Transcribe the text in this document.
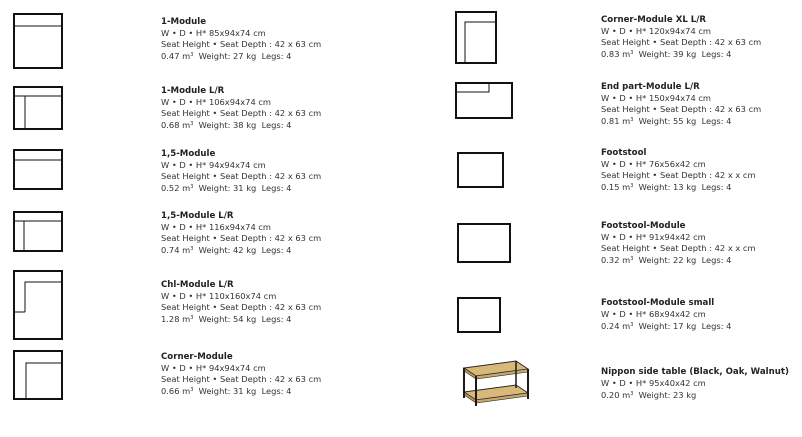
1-Module
W • D • H* 85x94x74 cm
Seat Height • Seat Depth : 42 x 63 cm
0.47 $m^3$ Weight: 27 kg Legs: 4
1-Module L/R
W • D • H* 106x94x74 cm
Seat Height • Seat Depth : 42 x 63 cm
0.68 $m^3$ Weight: 38 kg Legs: 4
1,5-Module
W • D • H* 94x94x74 cm
Seat Height • Seat Depth : 42 x 63 cm
0.52 $m^3$ Weight: 31 kg Legs: 4
1,5-Module L/R
W • D • H* 116x94x74 cm
Seat Height • Seat Depth : 42 x 63 cm
0.74 $m^3$ Weight: 42 kg Legs: 4
Chl-Module L/R
W • D • H* 110x160x74 cm
Seat Height • Seat Depth : 42 x 63 cm
1.28 $m^3$ Weight: 54 kg Legs: 4
Corner-Module
W • D • H* 94x94x74 cm
Seat Height • Seat Depth : 42 x 63 cm
0.66 $m^3$ Weight: 31 kg Legs: 4
Corner-Module XL L/R
W • D • H* 120x94x74 cm
Seat Height • Seat Depth : 42 x 63 cm
0.83 $m^3$ Weight: 39 kg Legs: 4
End part-Module L/R
W • D • H* 150x94x74 cm
Seat Height • Seat Depth : 42 x 63 cm
0.81 $m^3$ Weight: 55 kg Legs: 4
Footstool
W • D • H* 76x56x42 cm
Seat Height • Seat Depth : 42 x x cm
0.15 $m^3$ Weight: 13 kg Legs: 4
Footstool-Module
W • D • H* 91x94x42 cm
Seat Height • Seat Depth : 42 x x cm
0.32 $m^3$ Weight: 22 kg Legs: 4
Footstool-Module small
W • D • H* 68x94x42 cm
0.24 $m^3$ Weight: 17 kg Legs: 4
Nippon side table (Black, Oak, Walnut)
W • D • H* 95x40x42 cm
0.20 $m^3$ Weight: 23 kg
